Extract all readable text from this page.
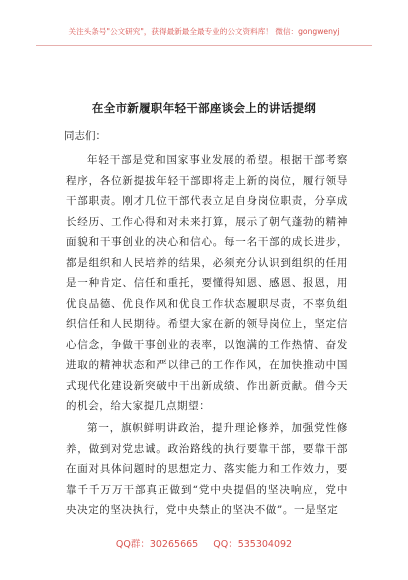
关注头条号"公文研究"，获得最新最全最专业的公文资料库！ 微信：gongwenyj
在全市新履职年轻干部座谈会上的讲话提纲
同志们：

年轻干部是党和国家事业发展的希望。根据干部考察程序，各位新提拔年轻干部即将走上新的岗位，履行领导干部职责。刚才几位干部代表立足自身岗位职责，分享成长经历、工作心得和对未来打算，展示了朝气蓬勃的精神面貌和干事创业的决心和信心。每一名干部的成长进步，都是组织和人民培养的结果，必须充分认识到组织的任用是一种肯定、信任和重托，要懂得知恩、感恩、报恩，用优良品德、优良作风和优良工作状态履职尽责，不辜负组织信任和人民期待。希望大家在新的领导岗位上，坚定信心信念，争做干事创业的表率，以饱满的工作热情、奋发进取的精神状态和严以律己的工作作风，在加快推动中国式现代化建设新突破中干出新成绩、作出新贡献。借今天的机会，给大家提几点期望：

第一，旗帜鲜明讲政治，提升理论修养，加强党性修养，做到对党忠诚。政治路线的执行要靠干部，要靠干部在面对具体问题时的思想定力、落实能力和工作效力，要靠千千万万干部真正做到“党中央提倡的坚决响应，党中央决定的坚决执行，党中央禁止的坚决不做”。一是坚定

QQ群：30265665 QQ：535304092
